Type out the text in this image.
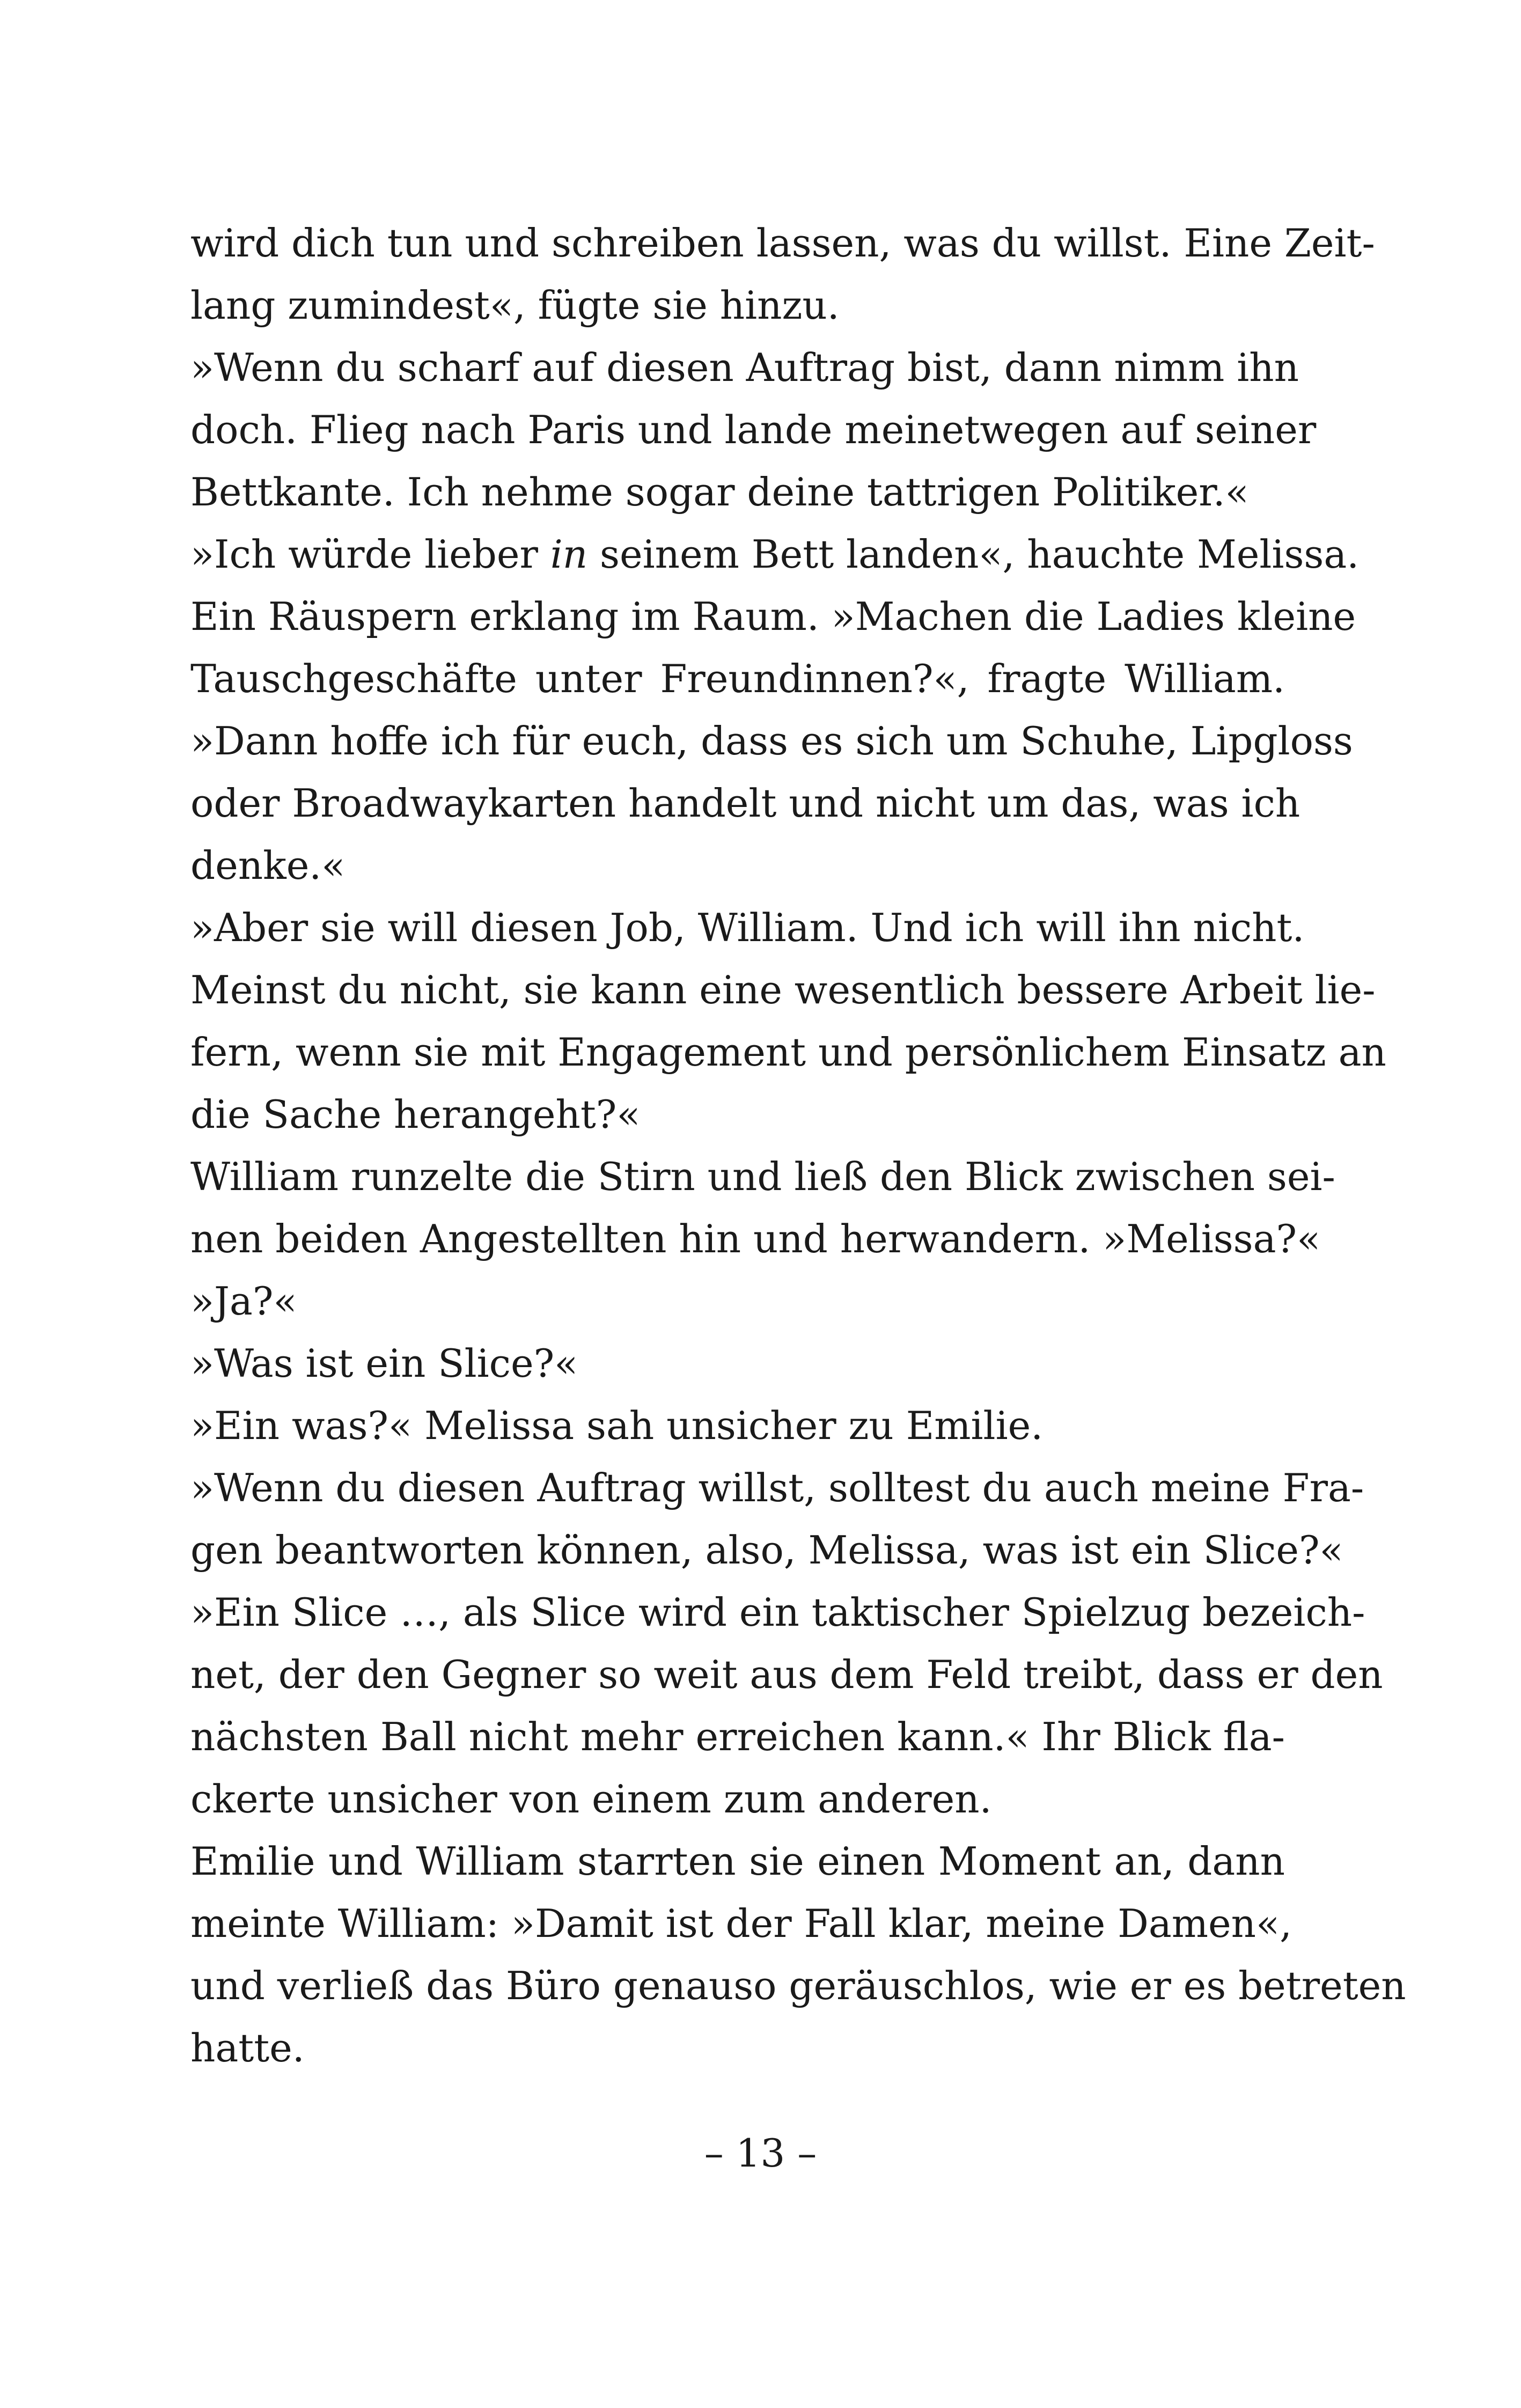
wird dich tun und schreiben lassen, was du willst. Eine Zeit-
lang zumindest«, fügte sie hinzu.
»Wenn du scharf auf diesen Auftrag bist, dann nimm ihn
doch. Flieg nach Paris und lande meinetwegen auf seiner
Bettkante. Ich nehme sogar deine tattrigen Politiker.«
»Ich würde lieber in seinem Bett landen«, hauchte Melissa.
Ein Räuspern erklang im Raum. »Machen die Ladies kleine
Tauschgeschäfte unter Freundinnen?«, fragte William.
»Dann hoffe ich für euch, dass es sich um Schuhe, Lipgloss
oder Broadwaykarten handelt und nicht um das, was ich
denke.«
»Aber sie will diesen Job, William. Und ich will ihn nicht.
Meinst du nicht, sie kann eine wesentlich bessere Arbeit lie-
fern, wenn sie mit Engagement und persönlichem Einsatz an
die Sache herangeht?«
William runzelte die Stirn und ließ den Blick zwischen sei-
nen beiden Angestellten hin und herwandern. »Melissa?«
»Ja?«
»Was ist ein Slice?«
»Ein was?« Melissa sah unsicher zu Emilie.
»Wenn du diesen Auftrag willst, solltest du auch meine Fra-
gen beantworten können, also, Melissa, was ist ein Slice?«
»Ein Slice …, als Slice wird ein taktischer Spielzug bezeich-
net, der den Gegner so weit aus dem Feld treibt, dass er den
nächsten Ball nicht mehr erreichen kann.« Ihr Blick fla-
ckerte unsicher von einem zum anderen.
Emilie und William starrten sie einen Moment an, dann
meinte William: »Damit ist der Fall klar, meine Damen«,
und verließ das Büro genauso geräuschlos, wie er es betreten
hatte.
– 13 –
